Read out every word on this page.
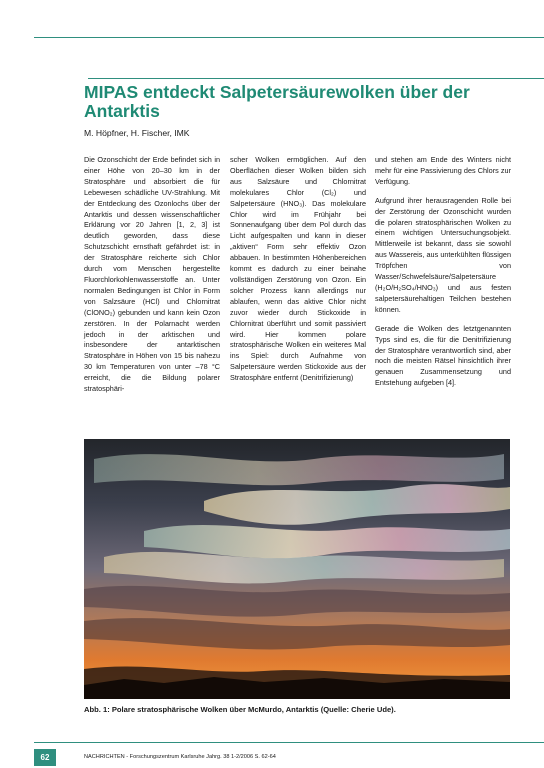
MIPAS entdeckt Salpetersäurewolken über der Antarktis

M. Höpfner, H. Fischer, IMK

Die Ozonschicht der Erde befindet sich in einer Höhe von 20–30 km in der Stratosphäre und absorbiert die für Lebewesen schädliche UV-Strahlung. Mit der Entdeckung des Ozonlochs über der Antarktis und dessen wissenschaftlicher Erklärung vor 20 Jahren [1, 2, 3] ist deutlich geworden, dass diese Schutzschicht ernsthaft gefährdet ist: in der Stratosphäre reicherte sich Chlor durch vom Menschen hergestellte Fluorchlorkohlenwasserstoffe an. Unter normalen Bedingungen ist Chlor in Form von Salzsäure (HCl) und Chlornitrat (ClONO₂) gebunden und kann kein Ozon zerstören. In der Polarnacht werden jedoch in der arktischen und insbesondere der antarktischen Stratosphäre in Höhen von 15 bis nahezu 30 km Temperaturen von unter –78 °C erreicht, die die Bildung polarer stratosphäri-

scher Wolken ermöglichen. Auf den Oberflächen dieser Wolken bilden sich aus Salzsäure und Chlornitrat molekulares Chlor (Cl₂) und Salpetersäure (HNO₃). Das molekulare Chlor wird im Frühjahr bei Sonnenaufgang über dem Pol durch das Licht aufgespalten und kann in dieser „aktiven“ Form sehr effektiv Ozon abbauen. In bestimmten Höhenbereichen kommt es dadurch zu einer beinahe vollständigen Zerstörung von Ozon. Ein solcher Prozess kann allerdings nur ablaufen, wenn das aktive Chlor nicht zuvor wieder durch Stickoxide in Chlornitrat überführt und somit passiviert wird. Hier kommen polare stratosphärische Wolken ein weiteres Mal ins Spiel: durch Aufnahme von Salpetersäure werden Stickoxide aus der Stratosphäre entfernt (Denitrifizierung)

und stehen am Ende des Winters nicht mehr für eine Passivierung des Chlors zur Verfügung.

Aufgrund ihrer herausragenden Rolle bei der Zerstörung der Ozonschicht wurden die polaren stratosphärischen Wolken zu einem wichtigen Untersuchungsobjekt. Mittlerweile ist bekannt, dass sie sowohl aus Wassereis, aus unterkühlten flüssigen Tröpfchen von Wasser/Schwefelsäure/Salpetersäure (H₂O/H₂SO₄/HNO₃) und aus festen salpetersäurehaltigen Teilchen bestehen können.

Gerade die Wolken des letztgenannten Typs sind es, die für die Denitrifizierung der Stratosphäre verantwortlich sind, aber noch die meisten Rätsel hinsichtlich ihrer genauen Zusammensetzung und Entstehung aufgeben [4].

Abb. 1: Polare stratosphärische Wolken über McMurdo, Antarktis (Quelle: Cherie Ude).

62	NACHRICHTEN - Forschungszentrum Karlsruhe Jahrg. 38 1-2/2006 S. 62-64
